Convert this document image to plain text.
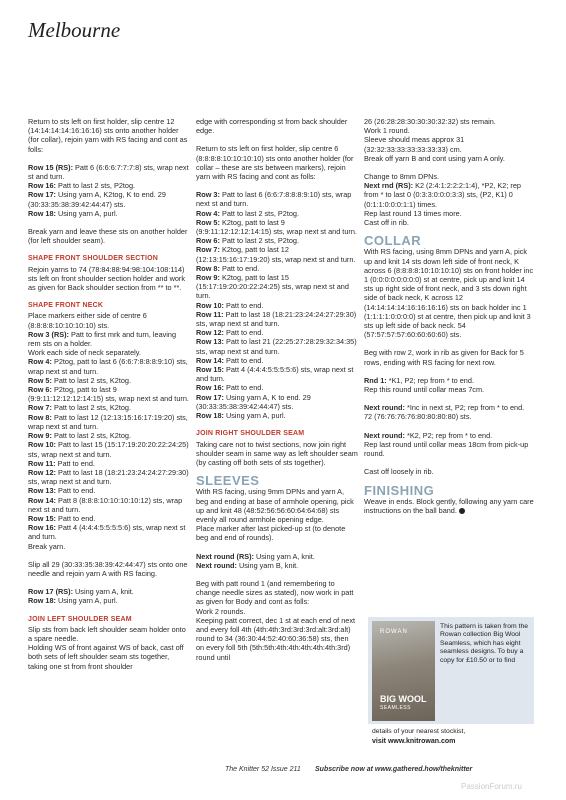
Melbourne
Return to sts left on first holder, slip centre 12 (14:14:14:14:16:16:16) sts onto another holder (for collar), rejoin yarn with RS facing and cont as folls:
Row 15 (RS): Patt 6 (6:6:6:7:7:7:8) sts, wrap next st and turn.
Row 16: Patt to last 2 sts, P2tog.
Row 17: Using yarn A, K2tog, K to end. 29 (30:33:35:38:39:42:44:47) sts.
Row 18: Using yarn A, purl.
Break yarn and leave these sts on another holder (for left shoulder seam).
SHAPE FRONT SHOULDER SECTION
Rejoin yarns to 74 (78:84:88:94:98:104:108:114) sts left on front shoulder section holder and work as given for Back shoulder section from ** to **.
SHAPE FRONT NECK
Place markers either side of centre 6 (8:8:8:8:10:10:10:10) sts.
Row 3 (RS): Patt to first mrk and turn, leaving rem sts on a holder.
Work each side of neck separately.
Row 4: P2tog, patt to last 6 (6:6:7:8:8:8:9:10) sts, wrap next st and turn.
Row 5: Patt to last 2 sts, K2tog.
Row 6: P2tog, patt to last 9 (9:9:11:12:12:12:14:15) sts, wrap next st and turn.
Row 7: Patt to last 2 sts, K2tog.
Row 8: Patt to last 12 (12:13:15:16:17:19:20) sts, wrap next st and turn.
Row 9: Patt to last 2 sts, K2tog.
Row 10: Patt to last 15 (15:17:19:20:20:22:24:25) sts, wrap next st and turn.
Row 11: Patt to end.
Row 12: Patt to last 18 (18:21:23:24:24:27:29:30) sts, wrap next st and turn.
Row 13: Patt to end.
Row 14: Patt 8 (8:8:8:10:10:10:10:12) sts, wrap next st and turn.
Row 15: Patt to end.
Row 16: Patt 4 (4:4:4:5:5:5:5:6) sts, wrap next st and turn.
Break yarn.
Slip all 29 (30:33:35:38:39:42:44:47) sts onto one needle and rejoin yarn A with RS facing.
Row 17 (RS): Using yarn A, knit.
Row 18: Using yarn A, purl.
JOIN LEFT SHOULDER SEAM
Slip sts from back left shoulder seam holder onto a spare needle.
Holding WS of front against WS of back, cast off both sets of left shoulder seam sts together, taking one st from front shoulder
edge with corresponding st from back shoulder edge.
Return to sts left on first holder, slip centre 6 (8:8:8:8:10:10:10:10) sts onto another holder (for collar – these are sts between markers), rejoin yarn with RS facing and cont as folls:
Row 3: Patt to last 6 (6:6:7:8:8:8:9:10) sts, wrap next st and turn.
Row 4: Patt to last 2 sts, P2tog.
Row 5: K2tog, patt to last 9 (9:9:11:12:12:12:14:15) sts, wrap next st and turn.
Row 6: Patt to last 2 sts, P2tog.
Row 7: K2tog, patt to last 12 (12:13:15:16:17:19:20) sts, wrap next st and turn.
Row 8: Patt to end.
Row 9: K2tog, patt to last 15 (15:17:19:20:20:22:24:25) sts, wrap next st and turn.
Row 10: Patt to end.
Row 11: Patt to last 18 (18:21:23:24:24:27:29:30) sts, wrap next st and turn.
Row 12: Patt to end.
Row 13: Patt to last 21 (22:25:27:28:29:32:34:35) sts, wrap next st and turn.
Row 14: Patt to end.
Row 15: Patt 4 (4:4:4:5:5:5:5:6) sts, wrap next st and turn.
Row 16: Patt to end.
Row 17: Using yarn A, K to end. 29 (30:33:35:38:39:42:44:47) sts.
Row 18: Using yarn A, purl.
JOIN RIGHT SHOULDER SEAM
Taking care not to twist sections, now join right shoulder seam in same way as left shoulder seam (by casting off both sets of sts together).
SLEEVES
With RS facing, using 9mm DPNs and yarn A, beg and ending at base of armhole opening, pick up and knit 48 (48:52:56:56:60:64:64:68) sts evenly all round armhole opening edge.
Place marker after last picked-up st (to denote beg and end of rounds).
Next round (RS): Using yarn A, knit.
Next round: Using yarn B, knit.
Beg with patt round 1 (and remembering to change needle sizes as stated), now work in patt as given for Body and cont as folls:
Work 2 rounds.
Keeping patt correct, dec 1 st at each end of next and every foll 4th (4th:4th:3rd:3rd:3rd:alt:3rd:alt) round to 34 (36:30:44:52:40:60:36:58) sts, then on every foll 5th (5th:5th:4th:4th:4th:4th:4th:3rd) round until
26 (26:28:28:30:30:30:32:32) sts remain.
Work 1 round.
Sleeve should meas approx 31 (32:32:33:33:33:33:33:33) cm.
Break off yarn B and cont using yarn A only.
Change to 8mm DPNs.
Next rnd (RS): K2 (2:4:1:2:2:2:1:4), *P2, K2; rep from * to last 0 (0:3:3:0:0:0:3:3) sts, (P2, K1) 0 (0:1:1:0:0:0:1:1) times.
Rep last round 13 times more.
Cast off in rib.
COLLAR
With RS facing, using 8mm DPNs and yarn A, pick up and knit 14 sts down left side of front neck, K across 6 (8:8:8:8:10:10:10:10) sts on front holder inc 1 (0:0:0:0:0:0:0:0) st at centre, pick up and knit 14 sts up right side of front neck, and 3 sts down right side of back neck, K across 12 (14:14:14:14:16:16:16:16) sts on back holder inc 1 (1:1:1:1:0:0:0:0) st at centre, then pick up and knit 3 sts up left side of back neck. 54 (57:57:57:57:60:60:60:60) sts.
Beg with row 2, work in rib as given for Back for 5 rows, ending with RS facing for next row.
Rnd 1: *K1, P2; rep from * to end.
Rep this round until collar meas 7cm.
Next round: *Inc in next st, P2; rep from * to end.
72 (76:76:76:76:80:80:80:80) sts.
Next round: *K2, P2; rep from * to end.
Rep last round until collar meas 18cm from pick-up round.
Cast off loosely in rib.
FINISHING
Weave in ends. Block gently, following any yarn care instructions on the ball band.
ROWAN
BIG WOOL
SEAMLESS
This pattern is taken from the Rowan collection Big Wool Seamless, which has eight seamless designs. To buy a copy for £10.50 or to find
details of your nearest stockist,
visit www.knitrowan.com
The Knitter 52 Issue 211 Subscribe now at www.gathered.how/theknitter
PassionForum.ru
